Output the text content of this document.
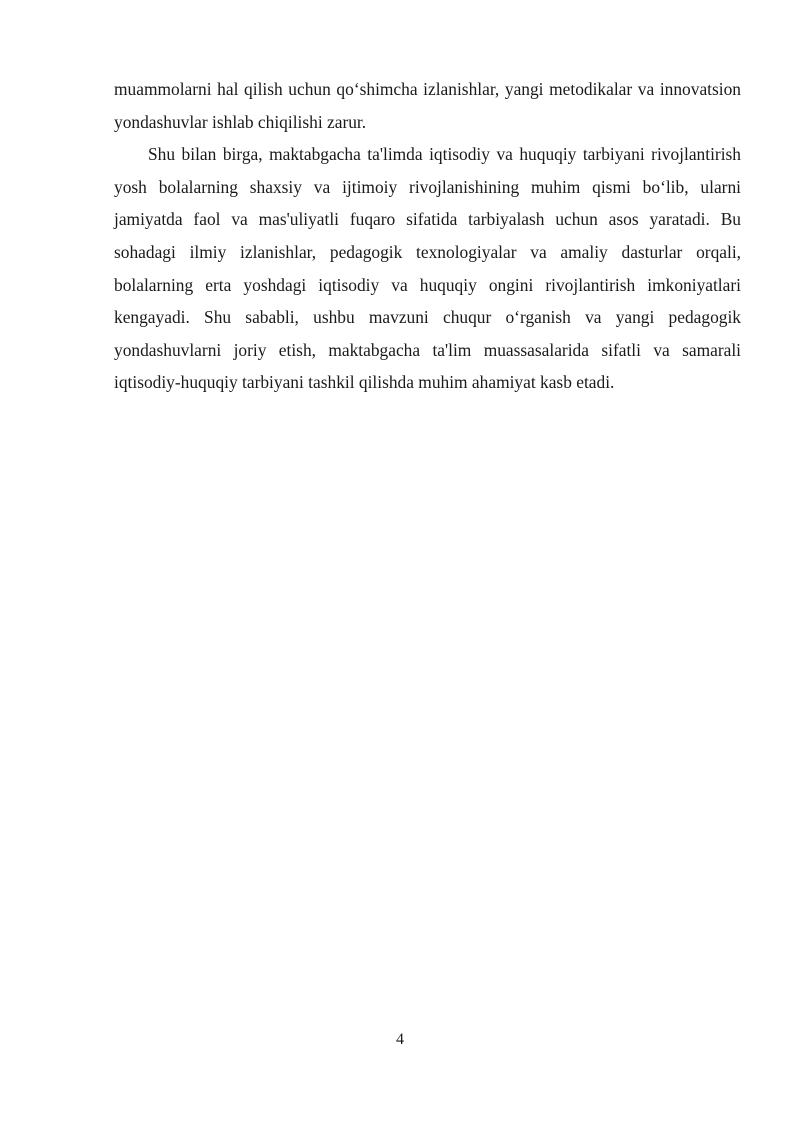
muammolarni hal qilish uchun qo‘shimcha izlanishlar, yangi metodikalar va innovatsion yondashuvlar ishlab chiqilishi zarur.

Shu bilan birga, maktabgacha ta'limda iqtisodiy va huquqiy tarbiyani rivojlantirish yosh bolalarning shaxsiy va ijtimoiy rivojlanishining muhim qismi bo‘lib, ularni jamiyatda faol va mas'uliyatli fuqaro sifatida tarbiyalash uchun asos yaratadi. Bu sohadagi ilmiy izlanishlar, pedagogik texnologiyalar va amaliy dasturlar orqali, bolalarning erta yoshdagi iqtisodiy va huquqiy ongini rivojlantirish imkoniyatlari kengayadi. Shu sababli, ushbu mavzuni chuqur o‘rganish va yangi pedagogik yondashuvlarni joriy etish, maktabgacha ta'lim muassasalarida sifatli va samarali iqtisodiy-huquqiy tarbiyani tashkil qilishda muhim ahamiyat kasb etadi.

4
